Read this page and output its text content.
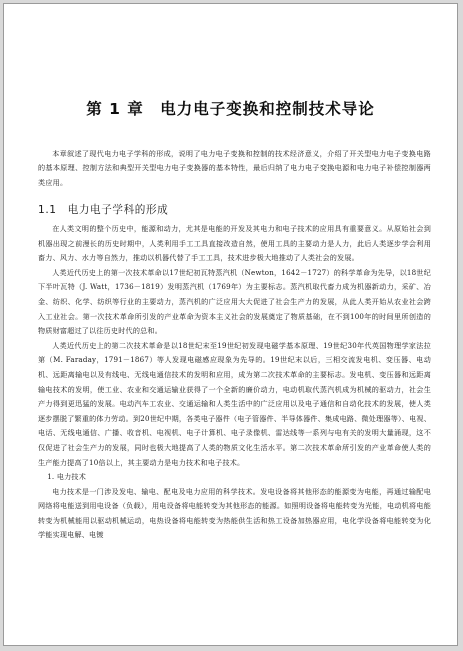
第 1 章　电力电子变换和控制技术导论

本章叙述了现代电力电子学科的形成，说明了电力电子变换和控制的技术经济意义，介绍了开关型电力电子变换电路的基本原理、控制方法和典型开关型电力电子变换器的基本特性，最后归纳了电力电子变换电源和电力电子补偿控制器两类应用。

1.1 电力电子学科的形成

在人类文明的整个历史中，能源和动力，尤其是电能的开发及其电力和电子技术的应用具有重要意义。从原始社会到机器出现之前漫长的历史时期中，人类利用手工工具直接改造自然，使用工具的主要动力是人力，此后人类逐步学会利用畜力、风力、水力等自然力，推动以机器代替了手工工具，技术进步极大地推动了人类社会的发展。

人类近代历史上的第一次技术革命以17世纪初瓦特蒸汽机（Newton，1642－1727）的科学革命为先导，以18世纪下半叶瓦特（J. Watt，1736－1819）发明蒸汽机（1769年）为主要标志。蒸汽机取代畜力成为机器新动力，采矿、冶金、纺织、化学、纺织等行业的主要动力，蒸汽机的广泛应用大大促进了社会生产力的发展，从此人类开始从农业社会跨入工业社会。第一次技术革命所引发的产业革命为资本主义社会的发展奠定了物质基础，在不到100年的时间里所创造的物质财富超过了以往历史时代的总和。

人类近代历史上的第二次技术革命是以18世纪末至19世纪初发现电磁学基本原理、19世纪30年代英国物理学家法拉第（M. Faraday，1791－1867）等人发现电磁感应现象为先导的。19世纪末以后，三相交流发电机、变压器、电动机、远距离输电以及有线电、无线电通信技术的发明和应用，成为第二次技术革命的主要标志。发电机、变压器和远距离输电技术的发明，使工业、农业和交通运输业获得了一个全新的廉价动力，电动机取代蒸汽机成为机械的驱动力，社会生产力得到更迅猛的发展。电动汽车工农业、交通运输和人类生活中的广泛应用以及电子通信和自动化技术的发展，使人类逐步摆脱了繁重的体力劳动。到20世纪中期，各类电子器件（电子管器件、半导体器件、集成电路、微处理器等）、电视、电话、无线电通信、广播、收音机、电视机、电子计算机、电子录像机、雷达线等一系列与电有关的发明大量涌现，这不仅促进了社会生产力的发展，同时也极大地提高了人类的物质文化生活水平。第二次技术革命所引发的产业革命使人类的生产能力提高了10倍以上，其主要动力是电力技术和电子技术。

1. 电力技术

电力技术是一门涉及发电、输电、配电及电力应用的科学技术。发电设备将其他形态的能源变为电能，再通过输配电网络将电能送到用电设备（负载），用电设备将电能转变为其他形态的能源。如照明设备将电能转变为光能，电动机将电能转变为机械能用以驱动机械运动，电热设备将电能转变为热能供生活和热工设备加热器应用，电化学设备将电能转变为化学能实现电解、电镀
